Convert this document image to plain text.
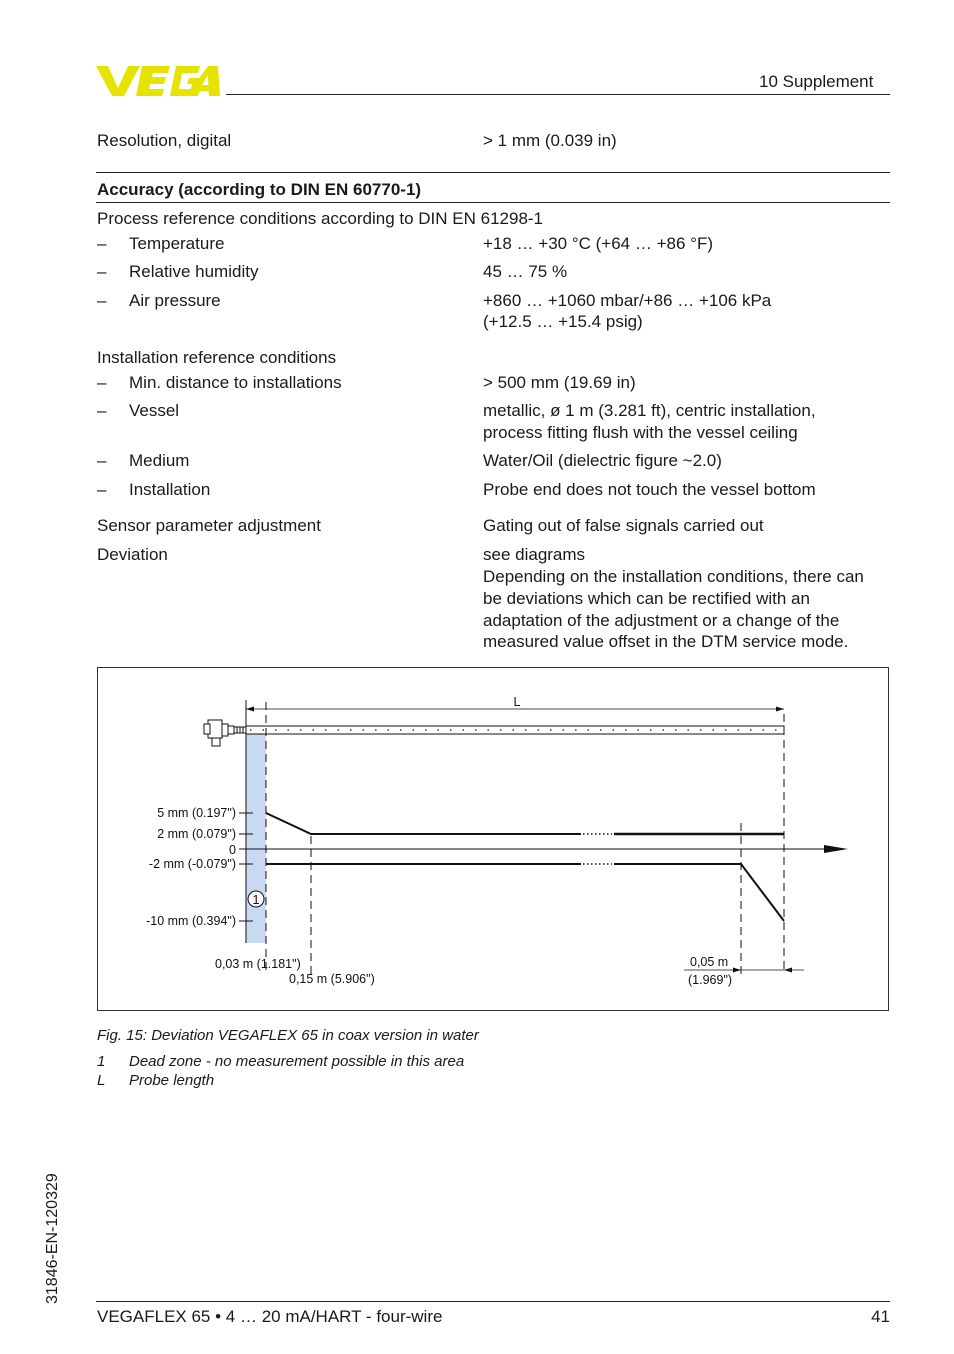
10 Supplement
Resolution, digital	> 1 mm (0.039 in)
Accuracy (according to DIN EN 60770-1)
Process reference conditions according to DIN EN 61298-1
– Temperature	+18 … +30 °C (+64 … +86 °F)
– Relative humidity	45 … 75 %
– Air pressure	+860 … +1060 mbar/+86 … +106 kPa
(+12.5 … +15.4 psig)
Installation reference conditions
– Min. distance to installations	> 500 mm (19.69 in)
– Vessel	metallic, ø 1 m (3.281 ft), centric installation,
process fitting flush with the vessel ceiling
– Medium	Water/Oil (dielectric figure ~2.0)
– Installation	Probe end does not touch the vessel bottom
Sensor parameter adjustment	Gating out of false signals carried out
Deviation	see diagrams
Depending on the installation conditions, there can
be deviations which can be rectified with an
adaptation of the adjustment or a change of the
measured value offset in the DTM service mode.
L
5 mm (0.197")
2 mm (0.079")
0
-2 mm (-0.079")
-10 mm (0.394")
1
0,03 m (1.181")
0,15 m (5.906")
0,05 m
(1.969")
Fig. 15: Deviation VEGAFLEX 65 in coax version in water
1 Dead zone - no measurement possible in this area
L Probe length
31846-EN-120329
VEGAFLEX 65 • 4 … 20 mA/HART - four-wire	41
